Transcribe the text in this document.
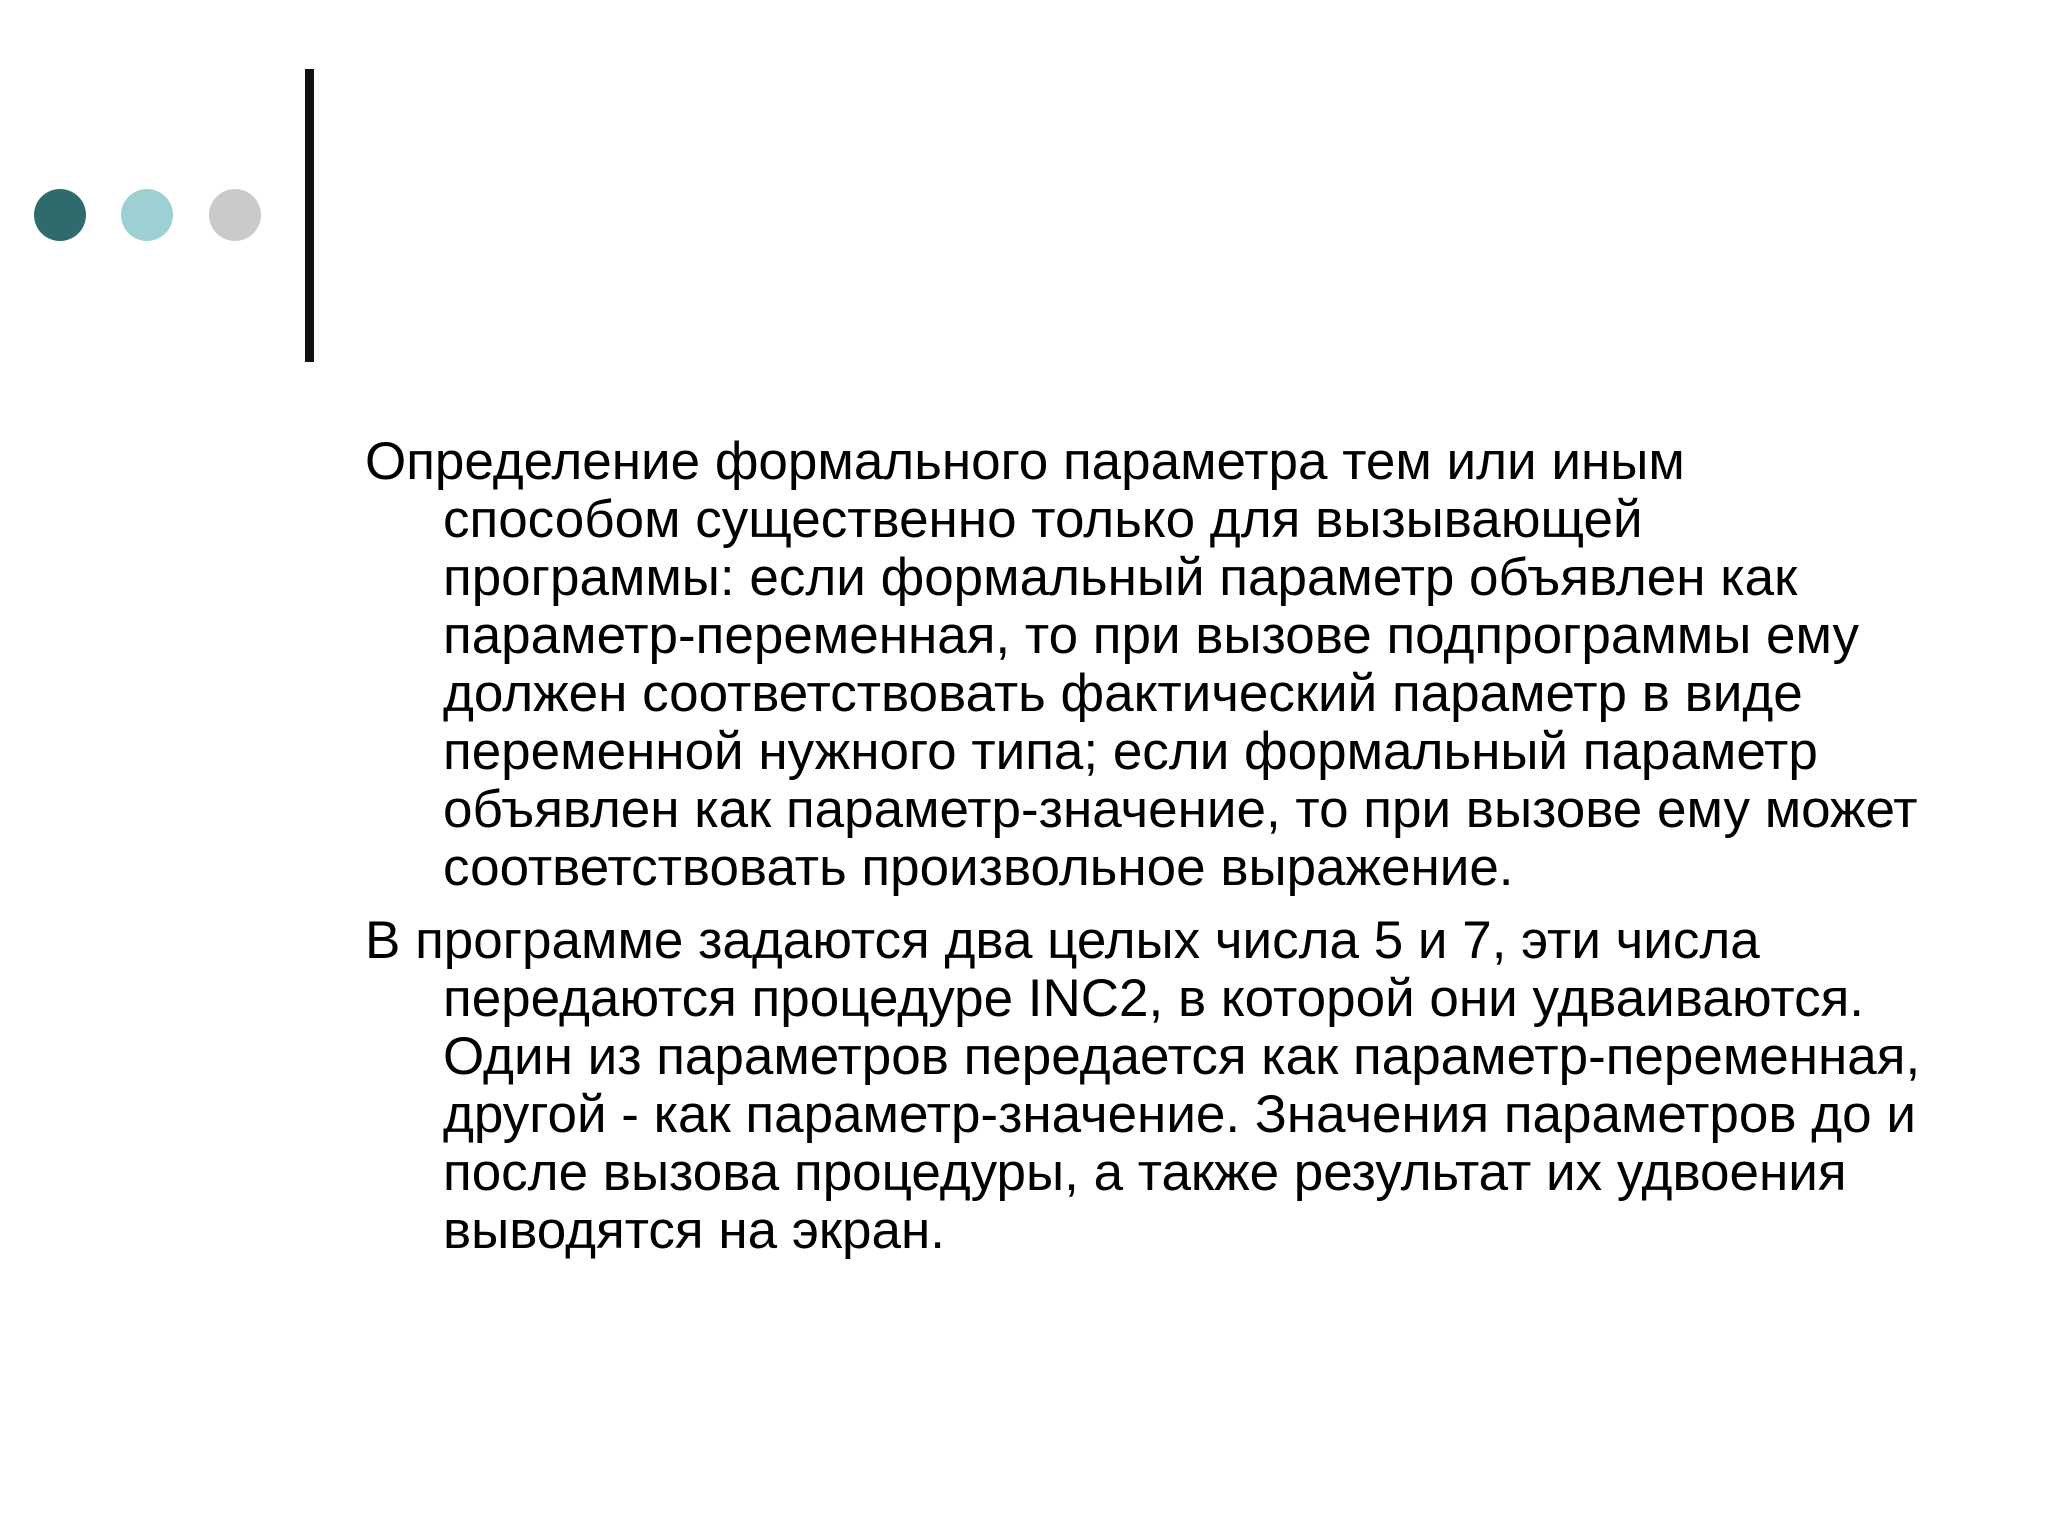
Определение формального параметра тем или иным способом существенно только для вызывающей программы: если формальный параметр объявлен как параметр-переменная, то при вызове подпрограммы ему должен соответствовать фактический параметр в виде переменной нужного типа; если формальный параметр объявлен как параметр-значение, то при вызове ему может соответствовать произвольное выражение.

В программе задаются два целых числа 5 и 7, эти числа передаются процедуре INC2, в которой они удваиваются. Один из параметров передается как параметр-переменная, другой - как параметр-значение. Значения параметров до и после вызова процедуры, а также результат их удвоения выводятся на экран.
